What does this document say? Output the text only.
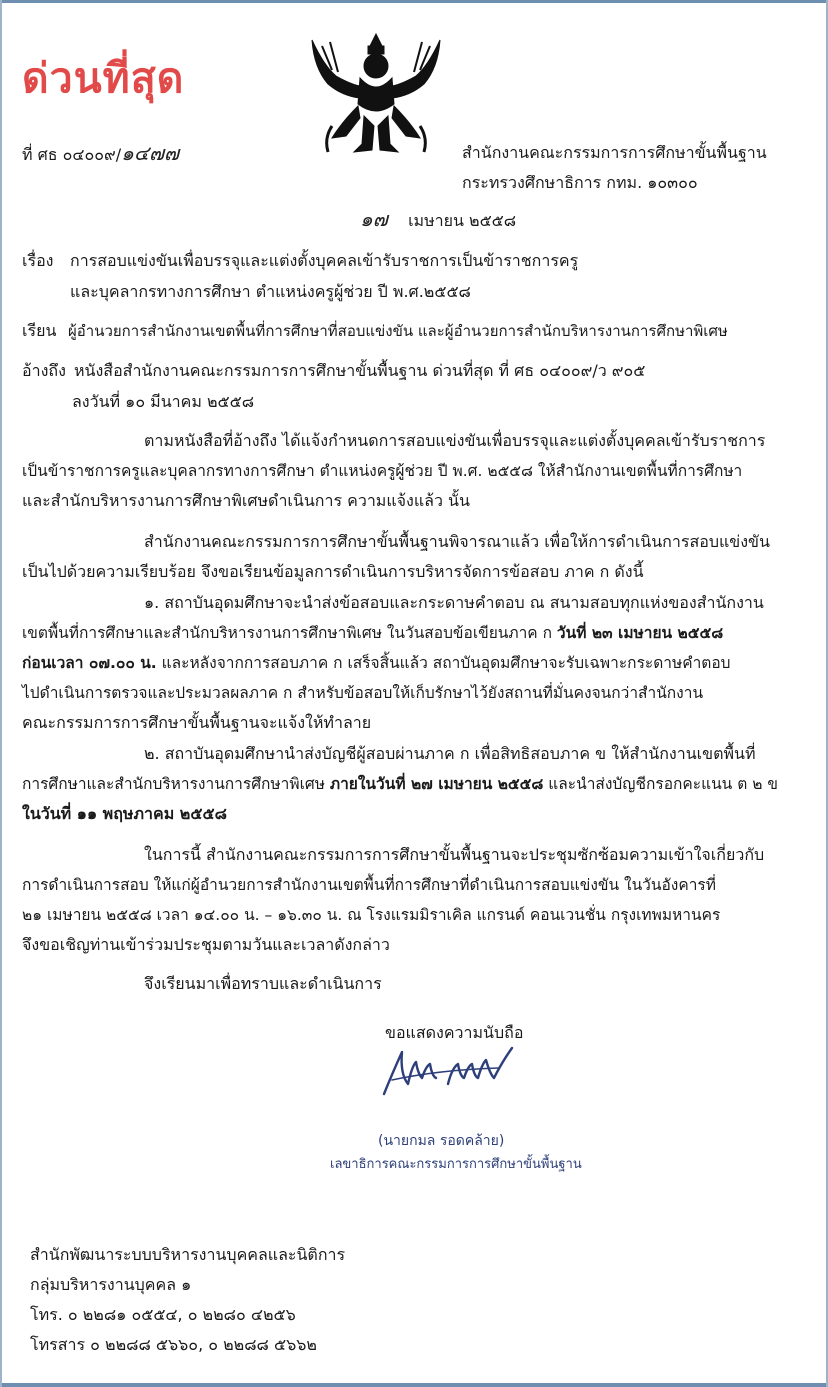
ด่วนที่สุด
ที่ ศธ ๐๔๐๐๙/๑๔๗๗	สำนักงานคณะกรรมการการศึกษาขั้นพื้นฐาน
กระทรวงศึกษาธิการ กทม. ๑๐๓๐๐
๑๗ เมษายน ๒๕๕๘
เรื่อง การสอบแข่งขันเพื่อบรรจุและแต่งตั้งบุคคลเข้ารับราชการเป็นข้าราชการครู
และบุคลากรทางการศึกษา ตำแหน่งครูผู้ช่วย ปี พ.ศ.๒๕๕๘
เรียน ผู้อำนวยการสำนักงานเขตพื้นที่การศึกษาที่สอบแข่งขัน และผู้อำนวยการสำนักบริหารงานการศึกษาพิเศษ
อ้างถึง หนังสือสำนักงานคณะกรรมการการศึกษาขั้นพื้นฐาน ด่วนที่สุด ที่ ศธ ๐๔๐๐๙/ว ๙๐๕
ลงวันที่ ๑๐ มีนาคม ๒๕๕๘
ตามหนังสือที่อ้างถึง ได้แจ้งกำหนดการสอบแข่งขันเพื่อบรรจุและแต่งตั้งบุคคลเข้ารับราชการ
เป็นข้าราชการครูและบุคลากรทางการศึกษา ตำแหน่งครูผู้ช่วย ปี พ.ศ. ๒๕๕๘ ให้สำนักงานเขตพื้นที่การศึกษา
และสำนักบริหารงานการศึกษาพิเศษดำเนินการ ความแจ้งแล้ว นั้น
สำนักงานคณะกรรมการการศึกษาขั้นพื้นฐานพิจารณาแล้ว เพื่อให้การดำเนินการสอบแข่งขัน
เป็นไปด้วยความเรียบร้อย จึงขอเรียนข้อมูลการดำเนินการบริหารจัดการข้อสอบ ภาค ก ดังนี้
๑. สถาบันอุดมศึกษาจะนำส่งข้อสอบและกระดาษคำตอบ ณ สนามสอบทุกแห่งของสำนักงาน
เขตพื้นที่การศึกษาและสำนักบริหารงานการศึกษาพิเศษ ในวันสอบข้อเขียนภาค ก วันที่ ๒๓ เมษายน ๒๕๕๘
ก่อนเวลา ๐๗.๐๐ น. และหลังจากการสอบภาค ก เสร็จสิ้นแล้ว สถาบันอุดมศึกษาจะรับเฉพาะกระดาษคำตอบ
ไปดำเนินการตรวจและประมวลผลภาค ก สำหรับข้อสอบให้เก็บรักษาไว้ยังสถานที่มั่นคงจนกว่าสำนักงาน
คณะกรรมการการศึกษาขั้นพื้นฐานจะแจ้งให้ทำลาย
๒. สถาบันอุดมศึกษานำส่งบัญชีผู้สอบผ่านภาค ก เพื่อสิทธิสอบภาค ข ให้สำนักงานเขตพื้นที่
การศึกษาและสำนักบริหารงานการศึกษาพิเศษ ภายในวันที่ ๒๗ เมษายน ๒๕๕๘ และนำส่งบัญชีกรอกคะแนน ต ๒ ข
ในวันที่ ๑๑ พฤษภาคม ๒๕๕๘
ในการนี้ สำนักงานคณะกรรมการการศึกษาขั้นพื้นฐานจะประชุมซักซ้อมความเข้าใจเกี่ยวกับ
การดำเนินการสอบ ให้แก่ผู้อำนวยการสำนักงานเขตพื้นที่การศึกษาที่ดำเนินการสอบแข่งขัน ในวันอังคารที่
๒๑ เมษายน ๒๕๕๘ เวลา ๑๔.๐๐ น. – ๑๖.๓๐ น. ณ โรงแรมมิราเคิล แกรนด์ คอนเวนชั่น กรุงเทพมหานคร
จึงขอเชิญท่านเข้าร่วมประชุมตามวันและเวลาดังกล่าว
จึงเรียนมาเพื่อทราบและดำเนินการ
ขอแสดงความนับถือ
(นายกมล รอดคล้าย)
เลขาธิการคณะกรรมการการศึกษาขั้นพื้นฐาน
สำนักพัฒนาระบบบริหารงานบุคคลและนิติการ
กลุ่มบริหารงานบุคคล ๑
โทร. ๐ ๒๒๘๑ ๐๕๕๔, ๐ ๒๒๘๐ ๔๒๕๖
โทรสาร ๐ ๒๒๘๘ ๕๖๖๐, ๐ ๒๒๘๘ ๕๖๖๒
